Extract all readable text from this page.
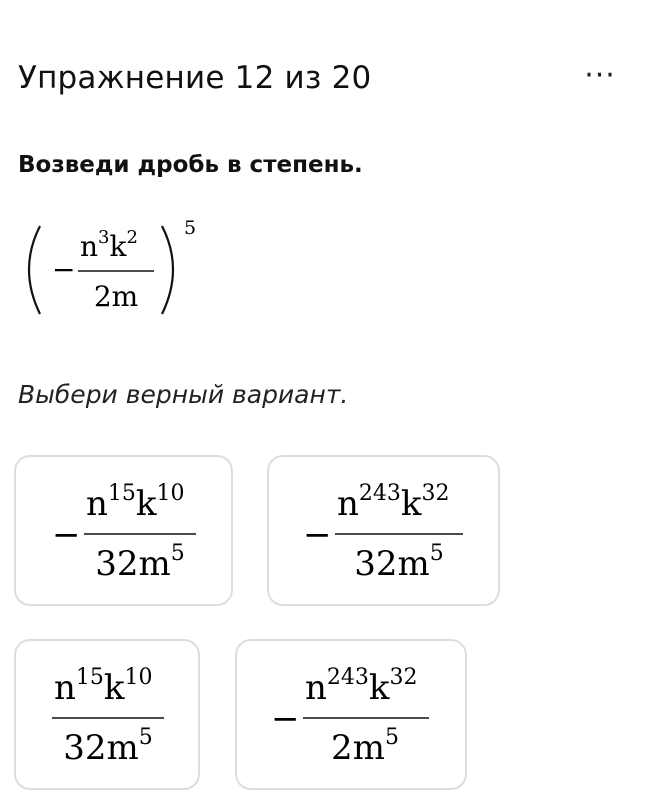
Упражнение 12 из 20	···
Возведи дробь в степень.
−
$n^3k^2$
2m
5
Выбери верный вариант.
−
$n^{15}k^{10}$
$32m^5$	−
$n^{243}k^{32}$
$32m^5$
$n^{15}k^{10}$
$32m^5$	−
$n^{243}k^{32}$
$2m^5$
